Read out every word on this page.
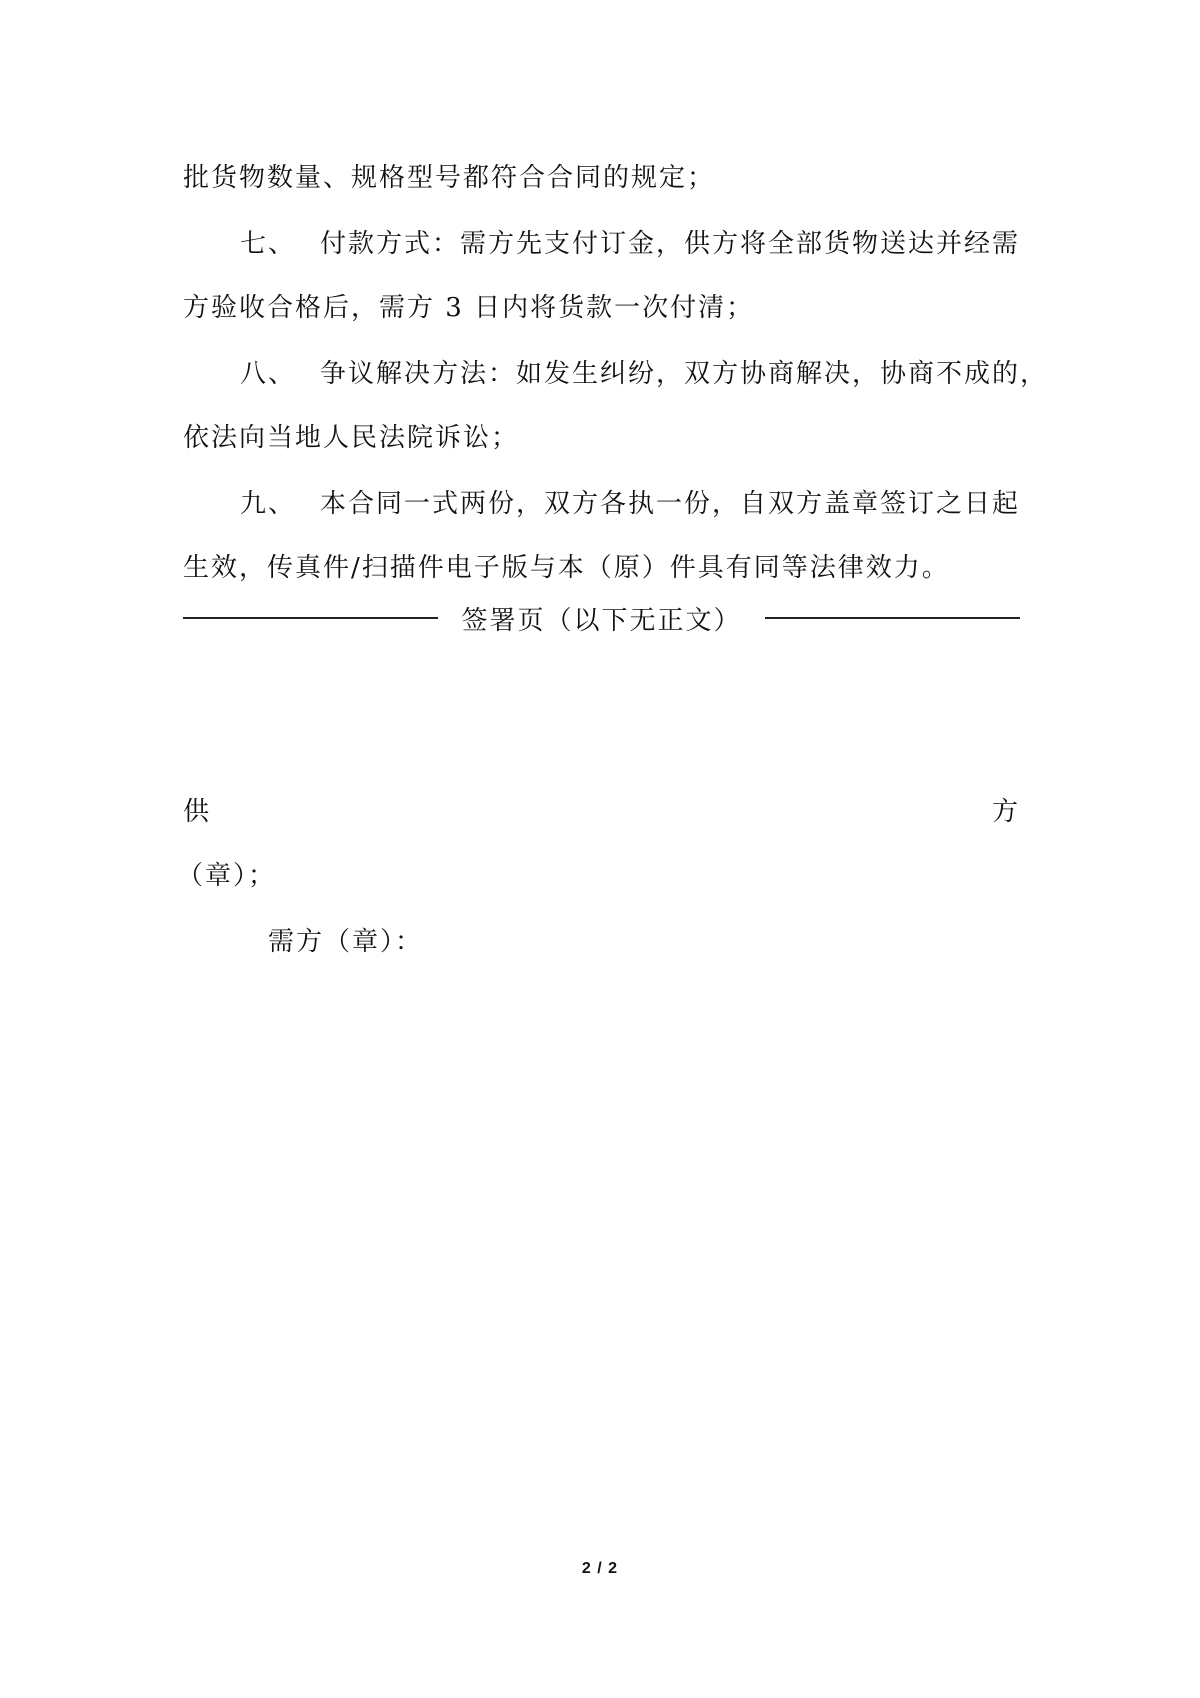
批货物数量、规格型号都符合合同的规定；
七、 付款方式：需方先支付订金，供方将全部货物送达并经需
方验收合格后，需方 3 日内将货款一次付清；
八、 争议解决方法：如发生纠纷，双方协商解决，协商不成的，
依法向当地人民法院诉讼；
九、 本合同一式两份，双方各执一份，自双方盖章签订之日起
生效，传真件/扫描件电子版与本（原）件具有同等法律效力。
签署页（以下无正文）
供	方
（章）；
需方（章）：
2 / 2
